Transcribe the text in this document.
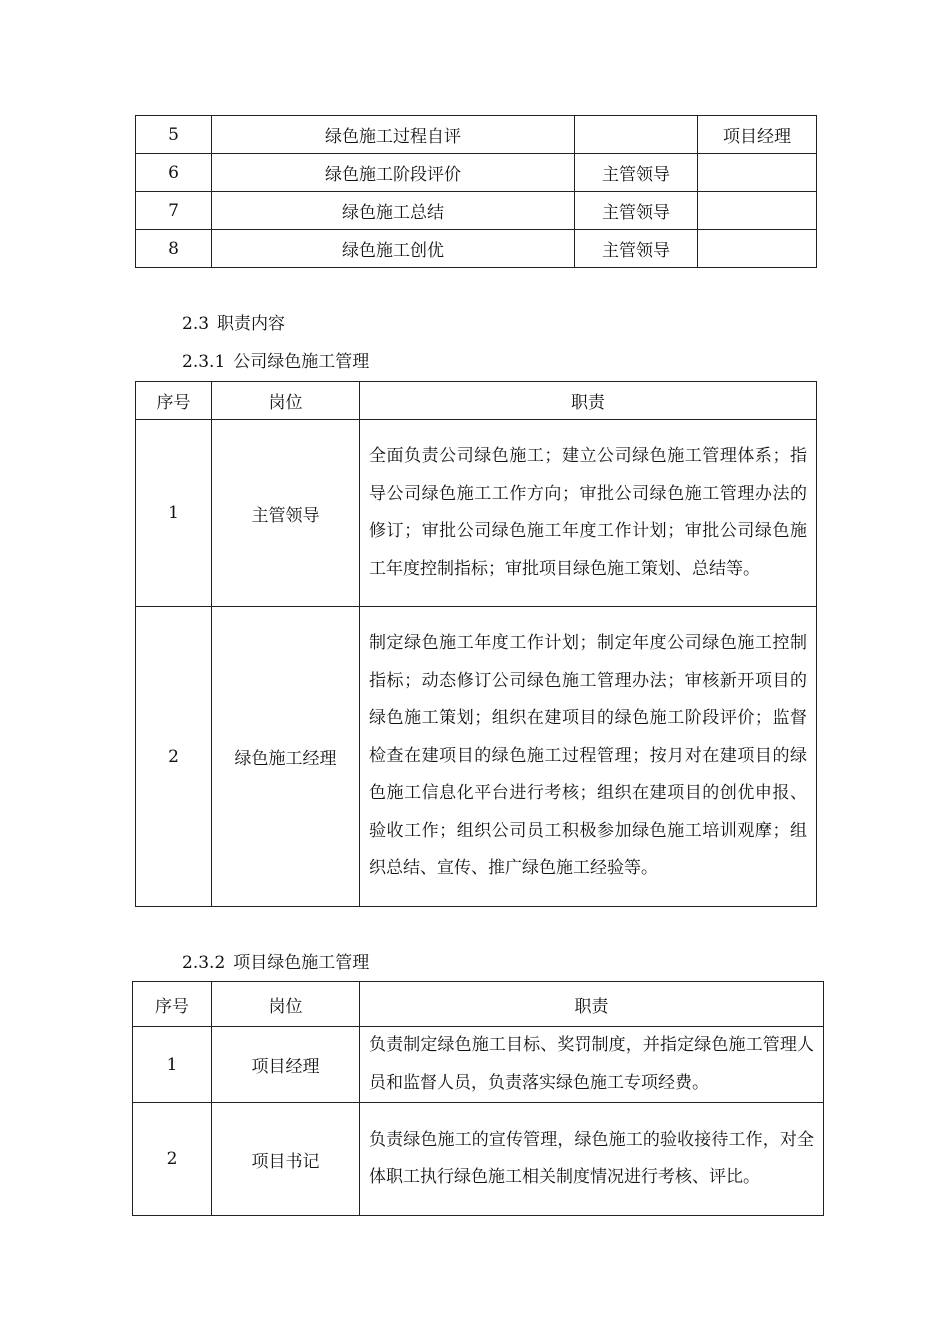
5	绿色施工过程自评		项目经理
6	绿色施工阶段评价	主管领导	
7	绿色施工总结	主管领导	
8	绿色施工创优	主管领导	
2.3 职责内容
2.3.1 公司绿色施工管理
序号	岗位	职责
1	主管领导	全面负责公司绿色施工；建立公司绿色施工管理体系；指导公司绿色施工工作方向；审批公司绿色施工管理办法的修订；审批公司绿色施工年度工作计划；审批公司绿色施工年度控制指标；审批项目绿色施工策划、总结等。
2	绿色施工经理	制定绿色施工年度工作计划；制定年度公司绿色施工控制指标；动态修订公司绿色施工管理办法；审核新开项目的绿色施工策划；组织在建项目的绿色施工阶段评价；监督检查在建项目的绿色施工过程管理；按月对在建项目的绿色施工信息化平台进行考核；组织在建项目的创优申报、验收工作；组织公司员工积极参加绿色施工培训观摩；组织总结、宣传、推广绿色施工经验等。
2.3.2 项目绿色施工管理
序号	岗位	职责
1	项目经理	负责制定绿色施工目标、奖罚制度，并指定绿色施工管理人员和监督人员，负责落实绿色施工专项经费。
2	项目书记	负责绿色施工的宣传管理，绿色施工的验收接待工作，对全体职工执行绿色施工相关制度情况进行考核、评比。
